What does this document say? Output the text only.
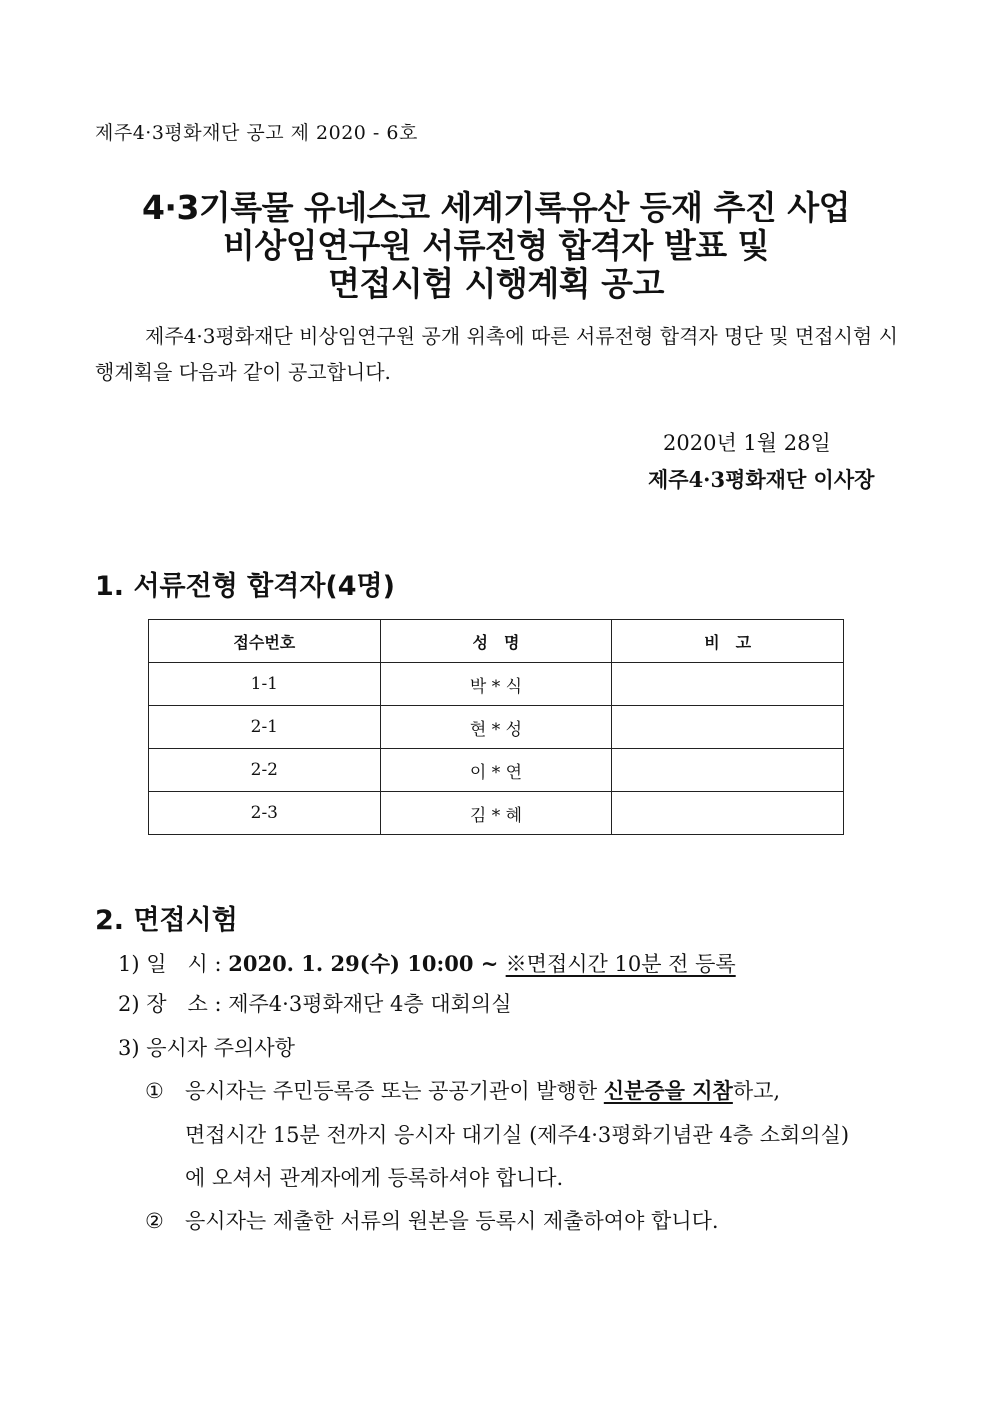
제주4·3평화재단 공고 제 2020 - 6호
4·3기록물 유네스코 세계기록유산 등재 추진 사업
비상임연구원 서류전형 합격자 발표 및
면접시험 시행계획 공고
제주4·3평화재단 비상임연구원 공개 위촉에 따른 서류전형 합격자 명단 및 면접시험 시행계획을 다음과 같이 공고합니다.
2020년 1월 28일
제주4·3평화재단 이사장
1. 서류전형 합격자(4명)
접수번호	성　명	비　고
1-1	박 * 식	
2-1	현 * 성	
2-2	이 * 연	
2-3	김 * 혜	
2. 면접시험
1) 일　시 : 2020. 1. 29(수) 10:00 ~ ※면접시간 10분 전 등록
2) 장　소 : 제주4·3평화재단 4층 대회의실
3) 응시자 주의사항
① 응시자는 주민등록증 또는 공공기관이 발행한 신분증을 지참하고,
면접시간 15분 전까지 응시자 대기실 (제주4·3평화기념관 4층 소회의실)
에 오셔서 관계자에게 등록하셔야 합니다.
② 응시자는 제출한 서류의 원본을 등록시 제출하여야 합니다.
